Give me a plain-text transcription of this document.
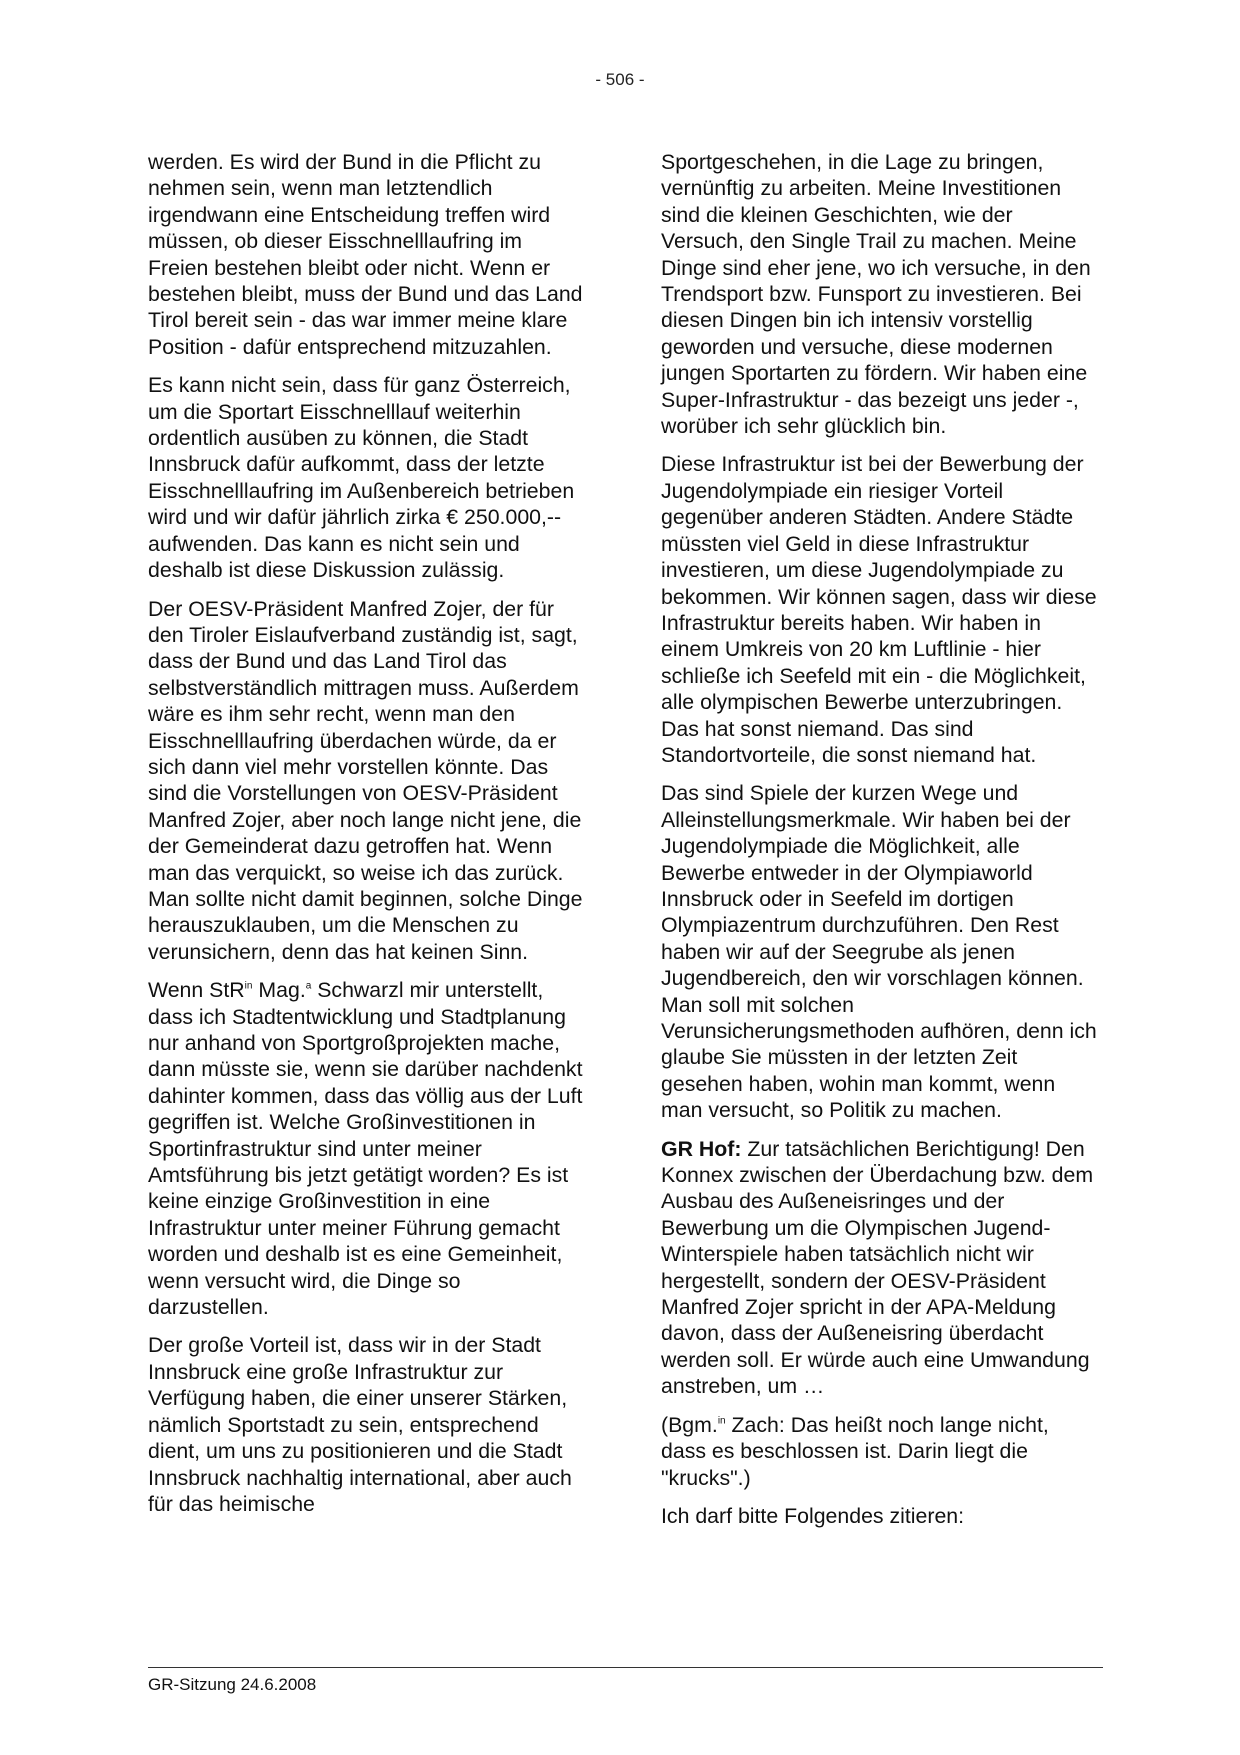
- 506 -

werden. Es wird der Bund in die Pflicht zu nehmen sein, wenn man letztendlich irgendwann eine Entscheidung treffen wird müssen, ob dieser Eisschnelllaufring im Freien bestehen bleibt oder nicht. Wenn er bestehen bleibt, muss der Bund und das Land Tirol bereit sein - das war immer meine klare Position - dafür entsprechend mitzuzahlen.

Es kann nicht sein, dass für ganz Österreich, um die Sportart Eisschnelllauf weiterhin ordentlich ausüben zu können, die Stadt Innsbruck dafür aufkommt, dass der letzte Eisschnelllaufring im Außenbereich betrieben wird und wir dafür jährlich zirka € 250.000,-- aufwenden. Das kann es nicht sein und deshalb ist diese Diskussion zulässig.

Der OESV-Präsident Manfred Zojer, der für den Tiroler Eislaufverband zuständig ist, sagt, dass der Bund und das Land Tirol das selbstverständlich mittragen muss. Außerdem wäre es ihm sehr recht, wenn man den Eisschnelllaufring überdachen würde, da er sich dann viel mehr vorstellen könnte. Das sind die Vorstellungen von OESV-Präsident Manfred Zojer, aber noch lange nicht jene, die der Gemeinderat dazu getroffen hat. Wenn man das verquickt, so weise ich das zurück. Man sollte nicht damit beginnen, solche Dinge herauszuklauben, um die Menschen zu verunsichern, denn das hat keinen Sinn.

Wenn StR$^{in}$ Mag.$^a$ Schwarzl mir unterstellt, dass ich Stadtentwicklung und Stadtplanung nur anhand von Sportgroßprojekten mache, dann müsste sie, wenn sie darüber nachdenkt dahinter kommen, dass das völlig aus der Luft gegriffen ist. Welche Großinvestitionen in Sportinfrastruktur sind unter meiner Amtsführung bis jetzt getätigt worden? Es ist keine einzige Großinvestition in eine Infrastruktur unter meiner Führung gemacht worden und deshalb ist es eine Gemeinheit, wenn versucht wird, die Dinge so darzustellen.

Der große Vorteil ist, dass wir in der Stadt Innsbruck eine große Infrastruktur zur Verfügung haben, die einer unserer Stärken, nämlich Sportstadt zu sein, entsprechend dient, um uns zu positionieren und die Stadt Innsbruck nachhaltig international, aber auch für das heimische

Sportgeschehen, in die Lage zu bringen, vernünftig zu arbeiten. Meine Investitionen sind die kleinen Geschichten, wie der Versuch, den Single Trail zu machen. Meine Dinge sind eher jene, wo ich versuche, in den Trendsport bzw. Funsport zu investieren. Bei diesen Dingen bin ich intensiv vorstellig geworden und versuche, diese modernen jungen Sportarten zu fördern. Wir haben eine Super-Infrastruktur - das bezeigt uns jeder -, worüber ich sehr glücklich bin.

Diese Infrastruktur ist bei der Bewerbung der Jugendolympiade ein riesiger Vorteil gegenüber anderen Städten. Andere Städte müssten viel Geld in diese Infrastruktur investieren, um diese Jugendolympiade zu bekommen. Wir können sagen, dass wir diese Infrastruktur bereits haben. Wir haben in einem Umkreis von 20 km Luftlinie - hier schließe ich Seefeld mit ein - die Möglichkeit, alle olympischen Bewerbe unterzubringen. Das hat sonst niemand. Das sind Standortvorteile, die sonst niemand hat.

Das sind Spiele der kurzen Wege und Alleinstellungsmerkmale. Wir haben bei der Jugendolympiade die Möglichkeit, alle Bewerbe entweder in der Olympiaworld Innsbruck oder in Seefeld im dortigen Olympiazentrum durchzuführen. Den Rest haben wir auf der Seegrube als jenen Jugendbereich, den wir vorschlagen können. Man soll mit solchen Verunsicherungsmethoden aufhören, denn ich glaube Sie müssten in der letzten Zeit gesehen haben, wohin man kommt, wenn man versucht, so Politik zu machen.

GR Hof: Zur tatsächlichen Berichtigung! Den Konnex zwischen der Überdachung bzw. dem Ausbau des Außeneisringes und der Bewerbung um die Olympischen Jugend-Winterspiele haben tatsächlich nicht wir hergestellt, sondern der OESV-Präsident Manfred Zojer spricht in der APA-Meldung davon, dass der Außeneisring überdacht werden soll. Er würde auch eine Umwandung anstreben, um …

(Bgm.$^{in}$ Zach: Das heißt noch lange nicht, dass es beschlossen ist. Darin liegt die "krucks".)

Ich darf bitte Folgendes zitieren:

GR-Sitzung 24.6.2008
